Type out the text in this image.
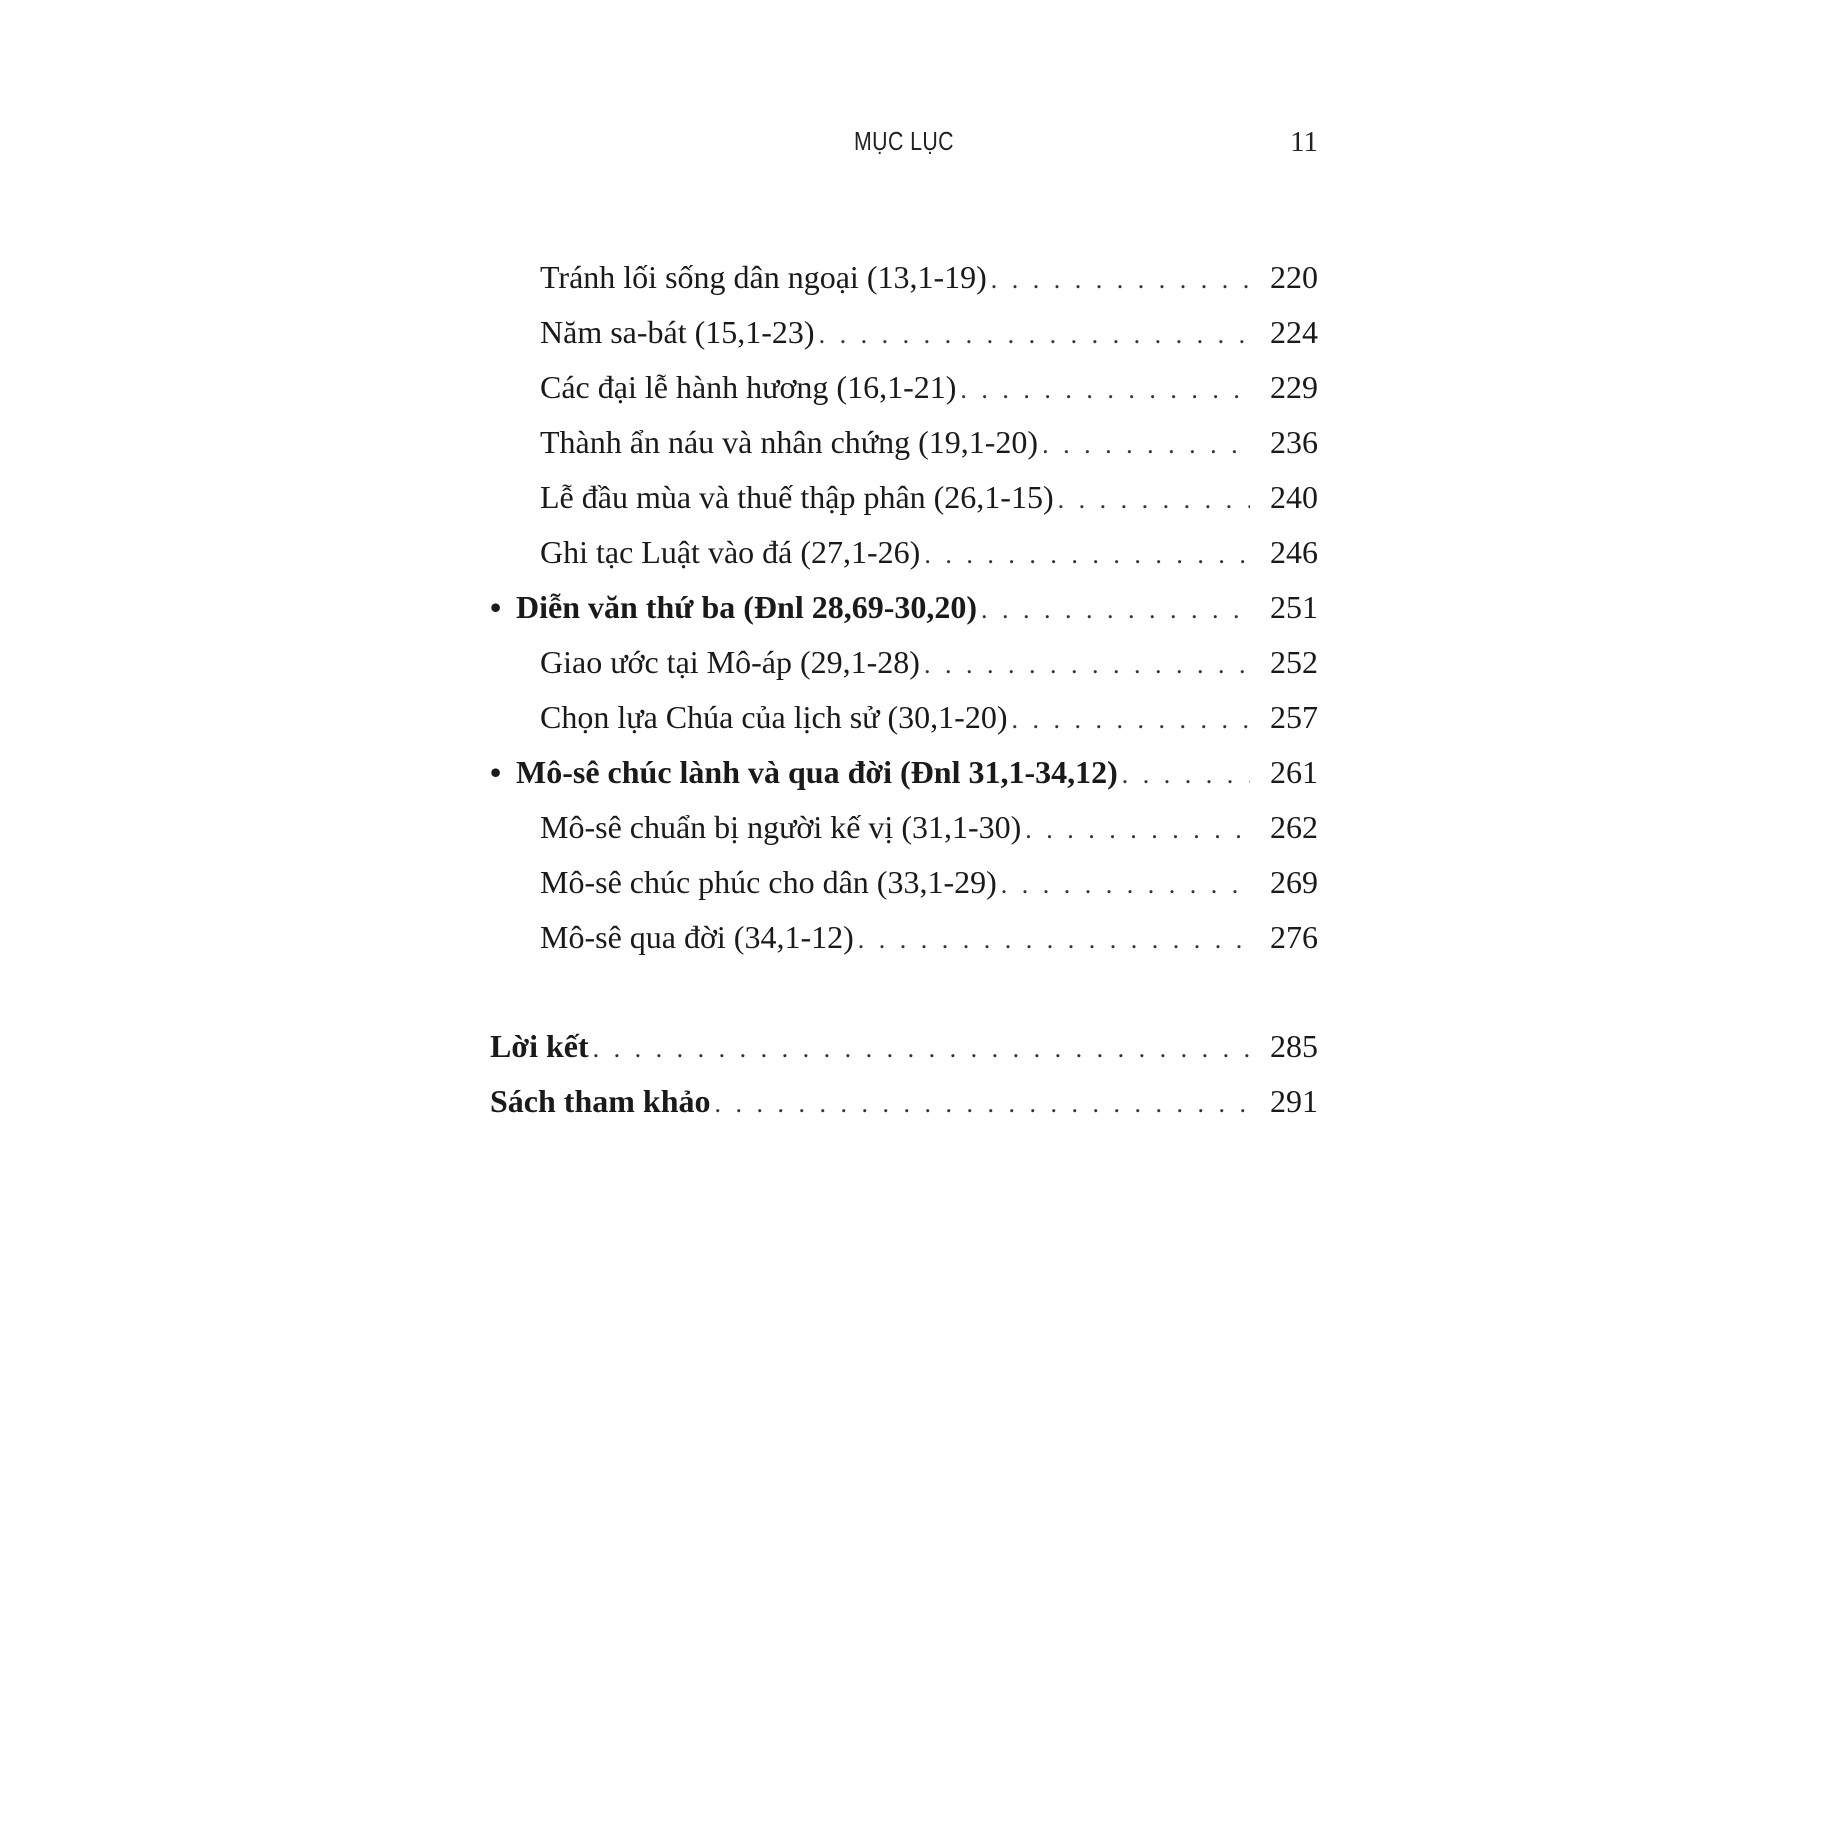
MỤC LỤC	11
Tránh lối sống dân ngoại (13,1-19) . . .	220
Năm sa-bát (15,1-23) . . .	224
Các đại lễ hành hương (16,1-21) . . .	229
Thành ẩn náu và nhân chứng (19,1-20) . . .	236
Lễ đầu mùa và thuế thập phân (26,1-15) . . .	240
Ghi tạc Luật vào đá (27,1-26) . . .	246
• Diễn văn thứ ba (Đnl 28,69-30,20) . . .	251
Giao ước tại Mô-áp (29,1-28) . . .	252
Chọn lựa Chúa của lịch sử (30,1-20) . . .	257
• Mô-sê chúc lành và qua đời (Đnl 31,1-34,12) . . .	261
Mô-sê chuẩn bị người kế vị (31,1-30) . . .	262
Mô-sê chúc phúc cho dân (33,1-29) . . .	269
Mô-sê qua đời (34,1-12) . . .	276
Lời kết . . .	285
Sách tham khảo . . .	291
